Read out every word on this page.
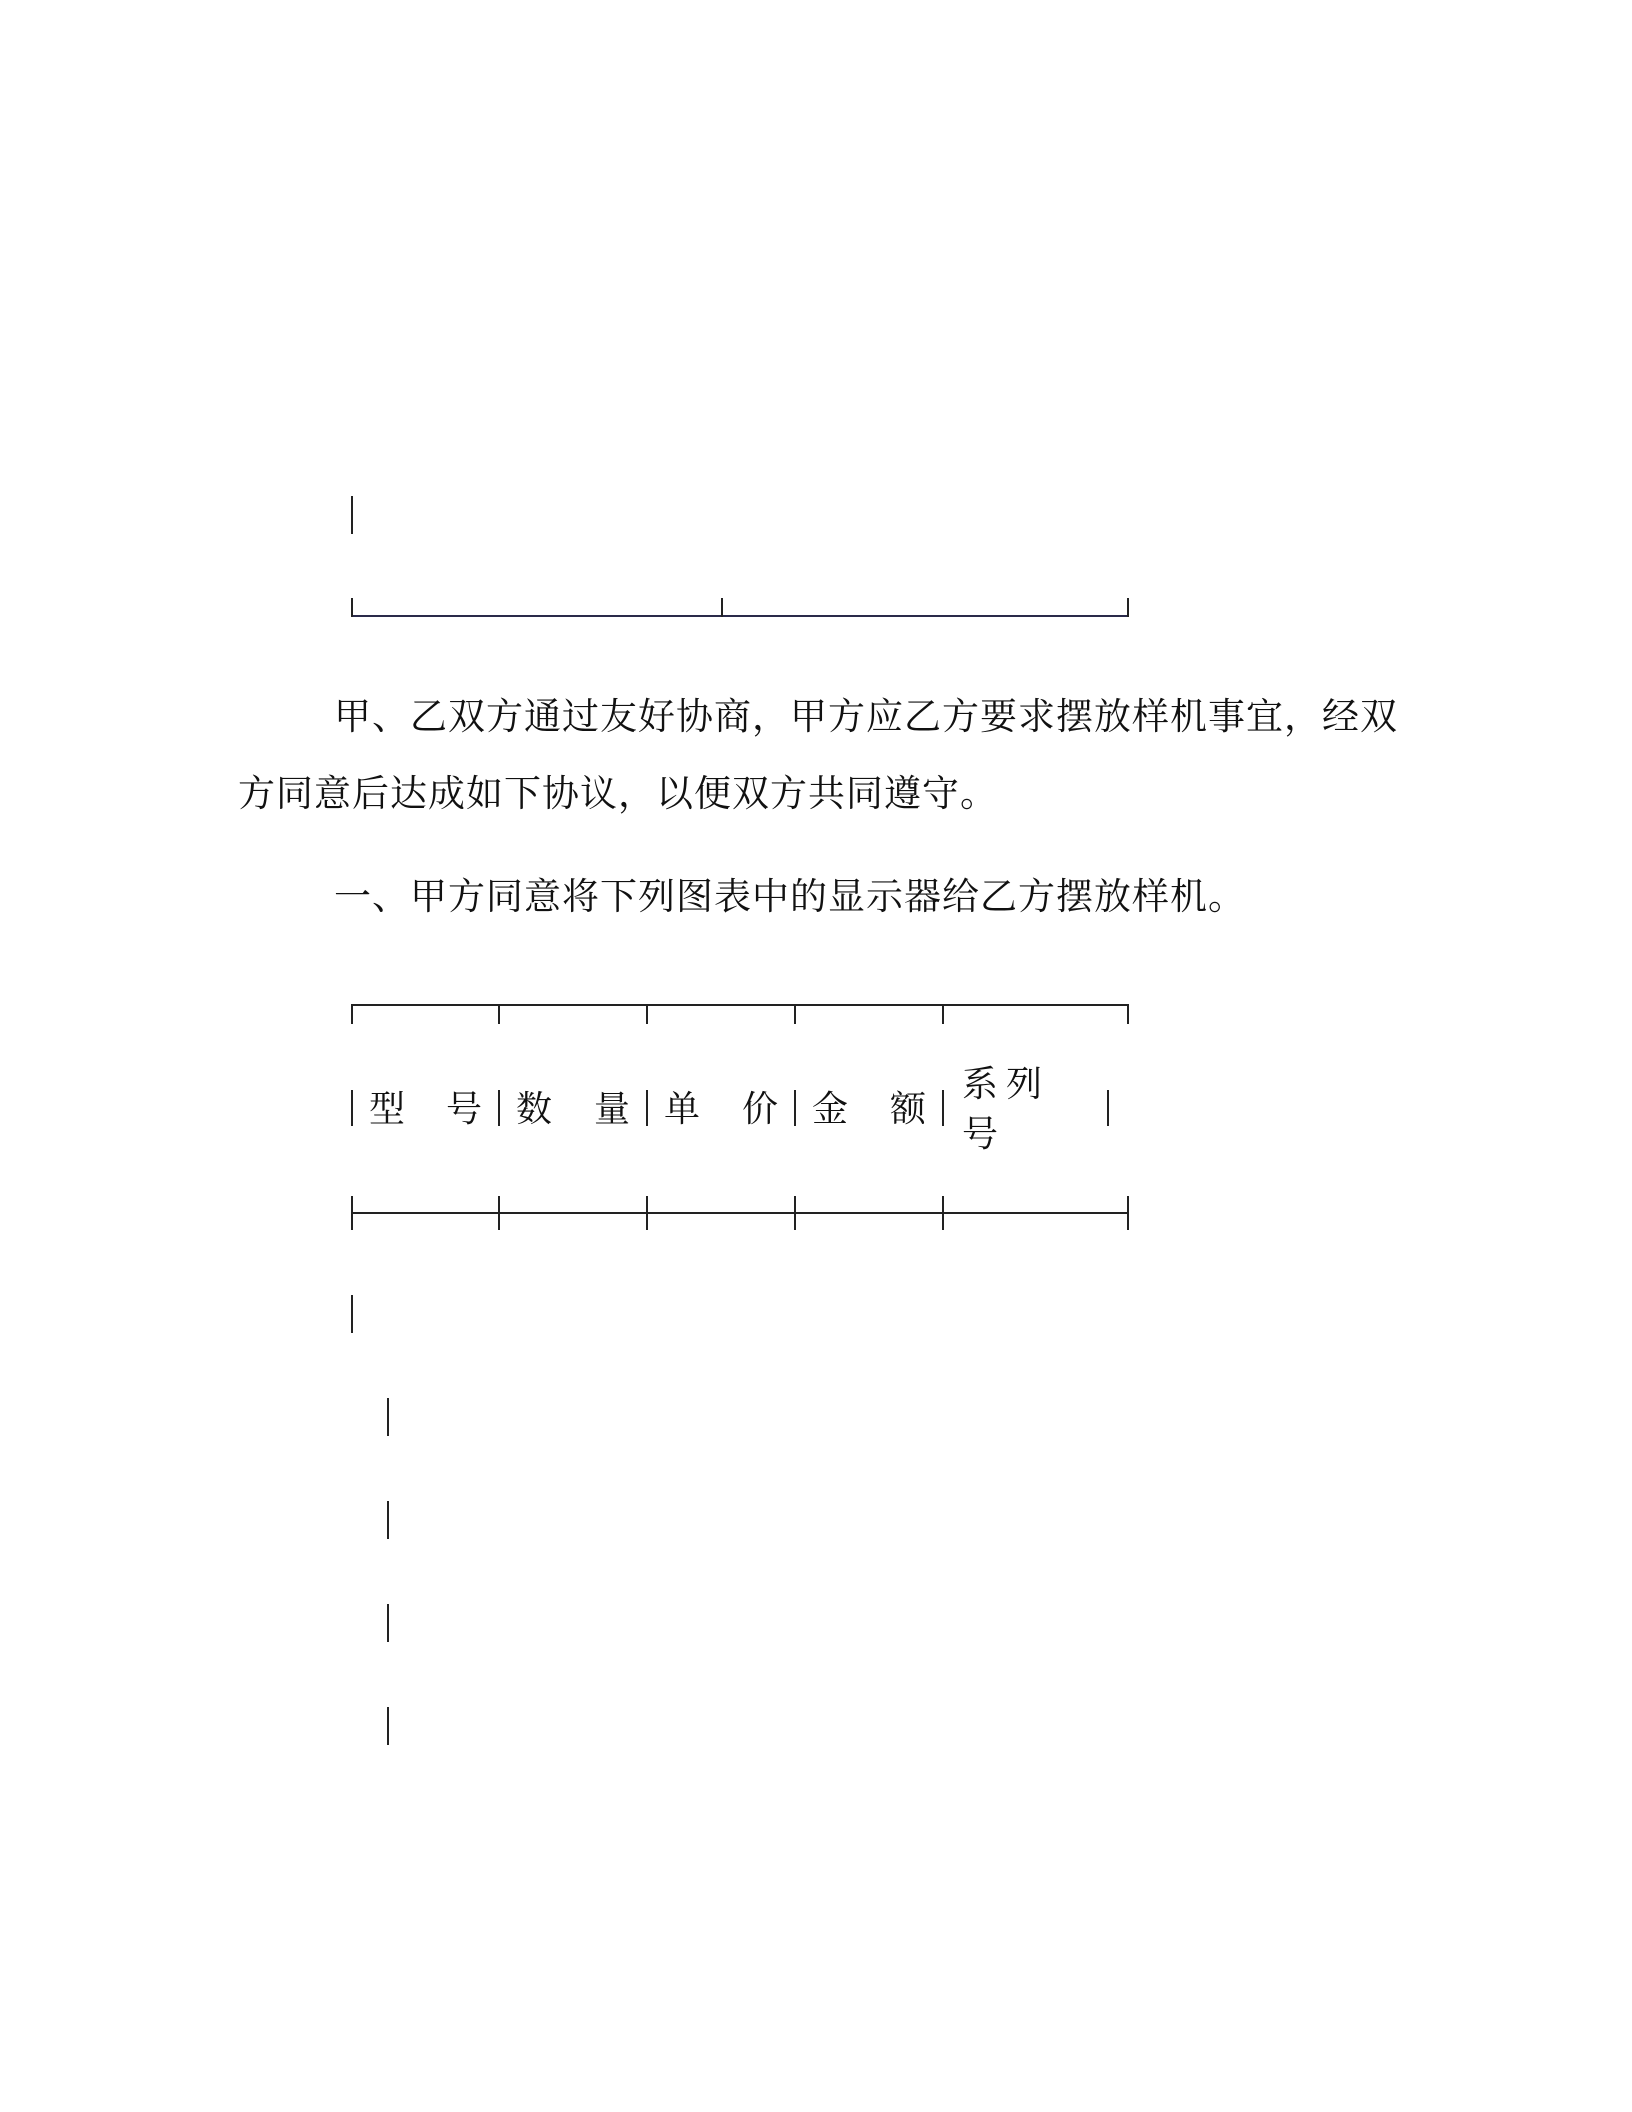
甲、乙双方通过友好协商，甲方应乙方要求摆放样机事宜，经双
方同意后达成如下协议，以便双方共同遵守。
一、甲方同意将下列图表中的显示器给乙方摆放样机。
型 号 数 量 单 价 金 额
系列号
